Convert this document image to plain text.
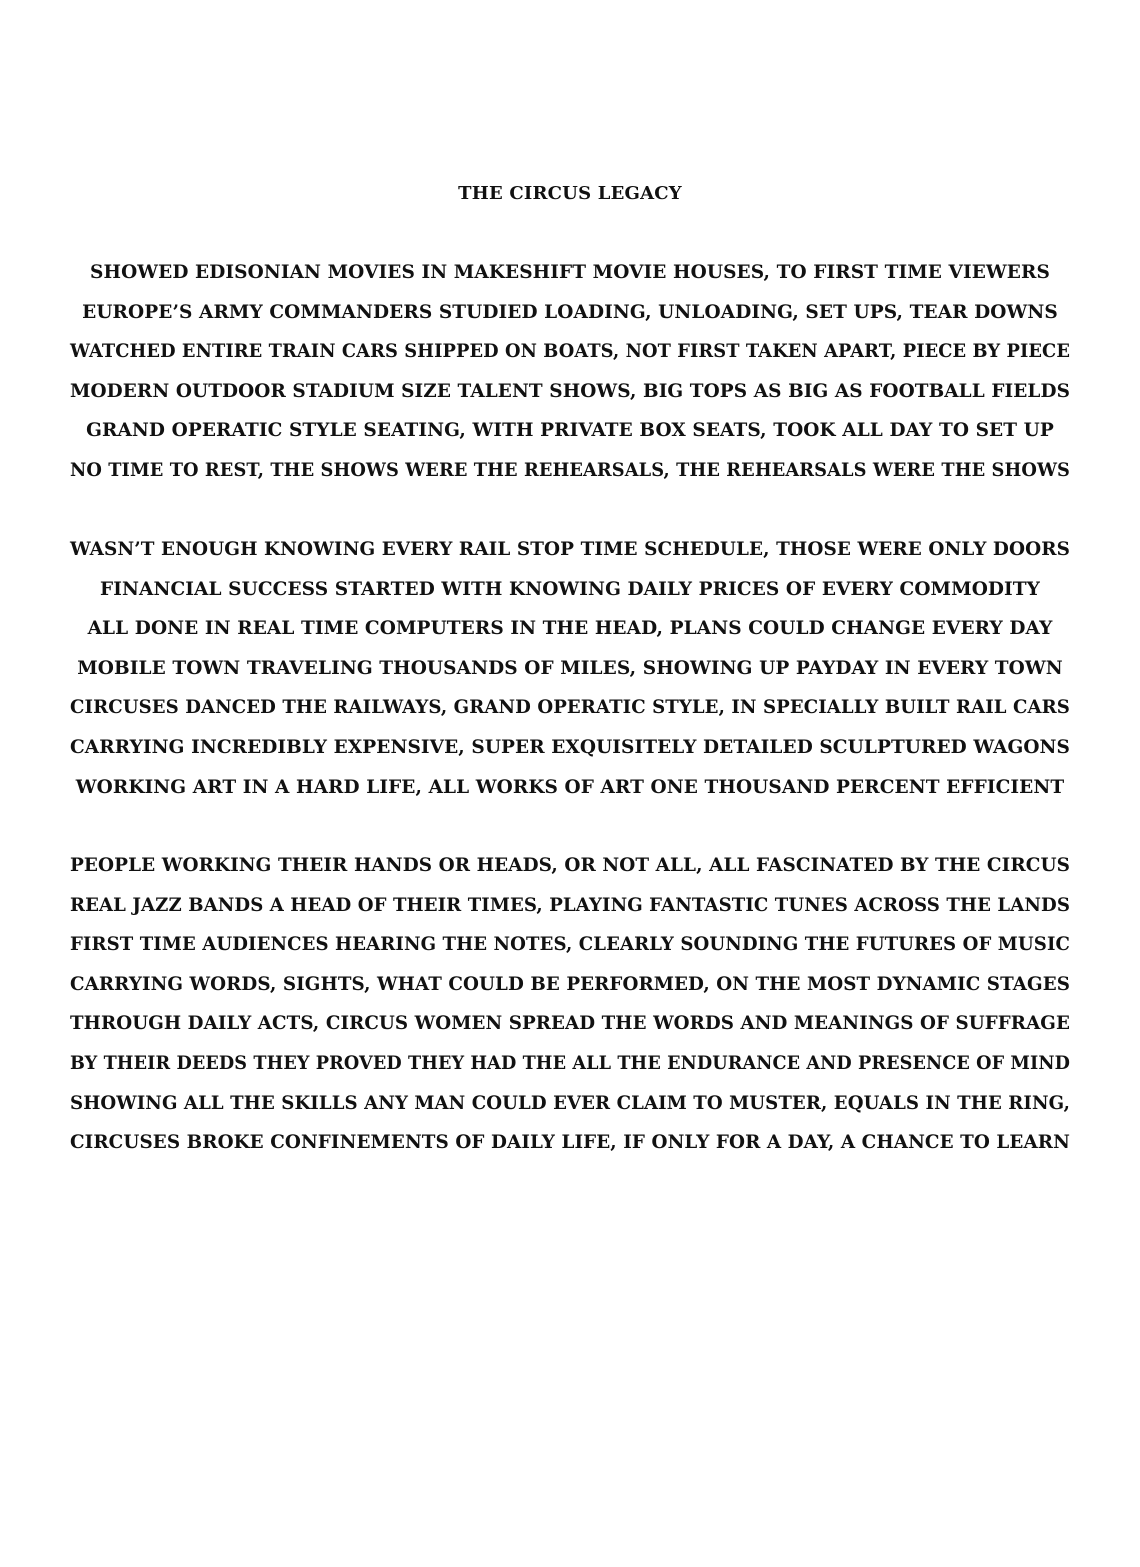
THE CIRCUS LEGACY
SHOWED EDISONIAN MOVIES IN MAKESHIFT MOVIE HOUSES, TO FIRST TIME VIEWERS
EUROPE’S ARMY COMMANDERS STUDIED LOADING, UNLOADING, SET UPS, TEAR DOWNS
WATCHED ENTIRE TRAIN CARS SHIPPED ON BOATS, NOT FIRST TAKEN APART, PIECE BY PIECE
MODERN OUTDOOR STADIUM SIZE TALENT SHOWS, BIG TOPS AS BIG AS FOOTBALL FIELDS
GRAND OPERATIC STYLE SEATING, WITH PRIVATE BOX SEATS, TOOK ALL DAY TO SET UP
NO TIME TO REST, THE SHOWS WERE THE REHEARSALS, THE REHEARSALS WERE THE SHOWS
WASN’T ENOUGH KNOWING EVERY RAIL STOP TIME SCHEDULE, THOSE WERE ONLY DOORS
FINANCIAL SUCCESS STARTED WITH KNOWING DAILY PRICES OF EVERY COMMODITY
ALL DONE IN REAL TIME COMPUTERS IN THE HEAD, PLANS COULD CHANGE EVERY DAY
MOBILE TOWN TRAVELING THOUSANDS OF MILES, SHOWING UP PAYDAY IN EVERY TOWN
CIRCUSES DANCED THE RAILWAYS, GRAND OPERATIC STYLE, IN SPECIALLY BUILT RAIL CARS
CARRYING INCREDIBLY EXPENSIVE, SUPER EXQUISITELY DETAILED SCULPTURED WAGONS
WORKING ART IN A HARD LIFE, ALL WORKS OF ART ONE THOUSAND PERCENT EFFICIENT
PEOPLE WORKING THEIR HANDS OR HEADS, OR NOT ALL, ALL FASCINATED BY THE CIRCUS
REAL JAZZ BANDS A HEAD OF THEIR TIMES, PLAYING FANTASTIC TUNES ACROSS THE LANDS
FIRST TIME AUDIENCES HEARING THE NOTES, CLEARLY SOUNDING THE FUTURES OF MUSIC
CARRYING WORDS, SIGHTS, WHAT COULD BE PERFORMED, ON THE MOST DYNAMIC STAGES
THROUGH DAILY ACTS, CIRCUS WOMEN SPREAD THE WORDS AND MEANINGS OF SUFFRAGE
BY THEIR DEEDS THEY PROVED THEY HAD THE ALL THE ENDURANCE AND PRESENCE OF MIND
SHOWING ALL THE SKILLS ANY MAN COULD EVER CLAIM TO MUSTER, EQUALS IN THE RING,
CIRCUSES BROKE CONFINEMENTS OF DAILY LIFE, IF ONLY FOR A DAY, A CHANCE TO LEARN
